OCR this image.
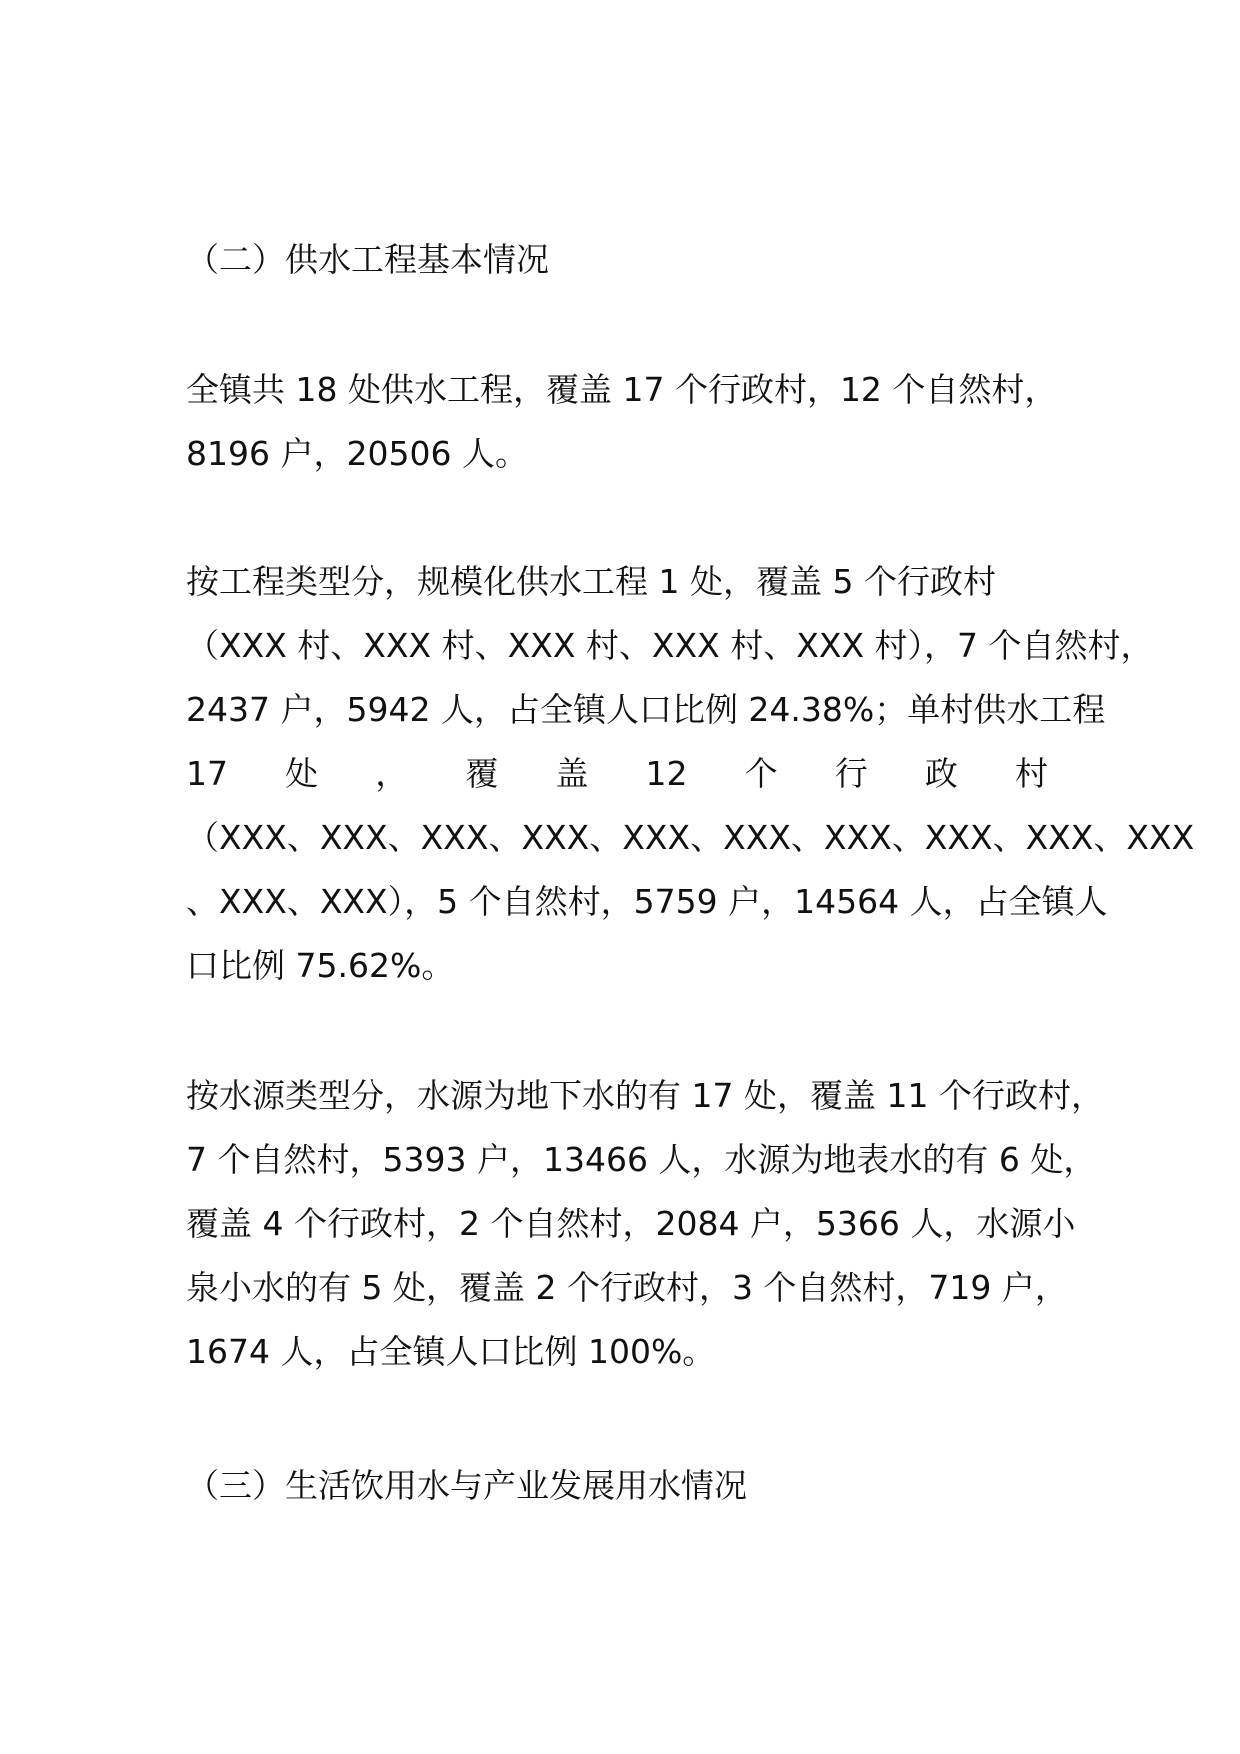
（二）供水工程基本情况
全镇共 18 处供水工程，覆盖 17 个行政村，12 个自然村，
8196 户，20506 人。
按工程类型分，规模化供水工程 1 处，覆盖 5 个行政村
（XXX 村、XXX 村、XXX 村、XXX 村、XXX 村），7 个自然村，
2437 户，5942 人，占全镇人口比例 24.38%；单村供水工程
17 处 ， 覆 盖 12 个 行 政 村
（XXX、XXX、XXX、XXX、XXX、XXX、XXX、XXX、XXX、XXX
、XXX、XXX），5 个自然村，5759 户，14564 人，占全镇人
口比例 75.62%。
按水源类型分，水源为地下水的有 17 处，覆盖 11 个行政村，
7 个自然村，5393 户，13466 人，水源为地表水的有 6 处，
覆盖 4 个行政村，2 个自然村，2084 户，5366 人，水源小
泉小水的有 5 处，覆盖 2 个行政村，3 个自然村，719 户，
1674 人，占全镇人口比例 100%。
（三）生活饮用水与产业发展用水情况
